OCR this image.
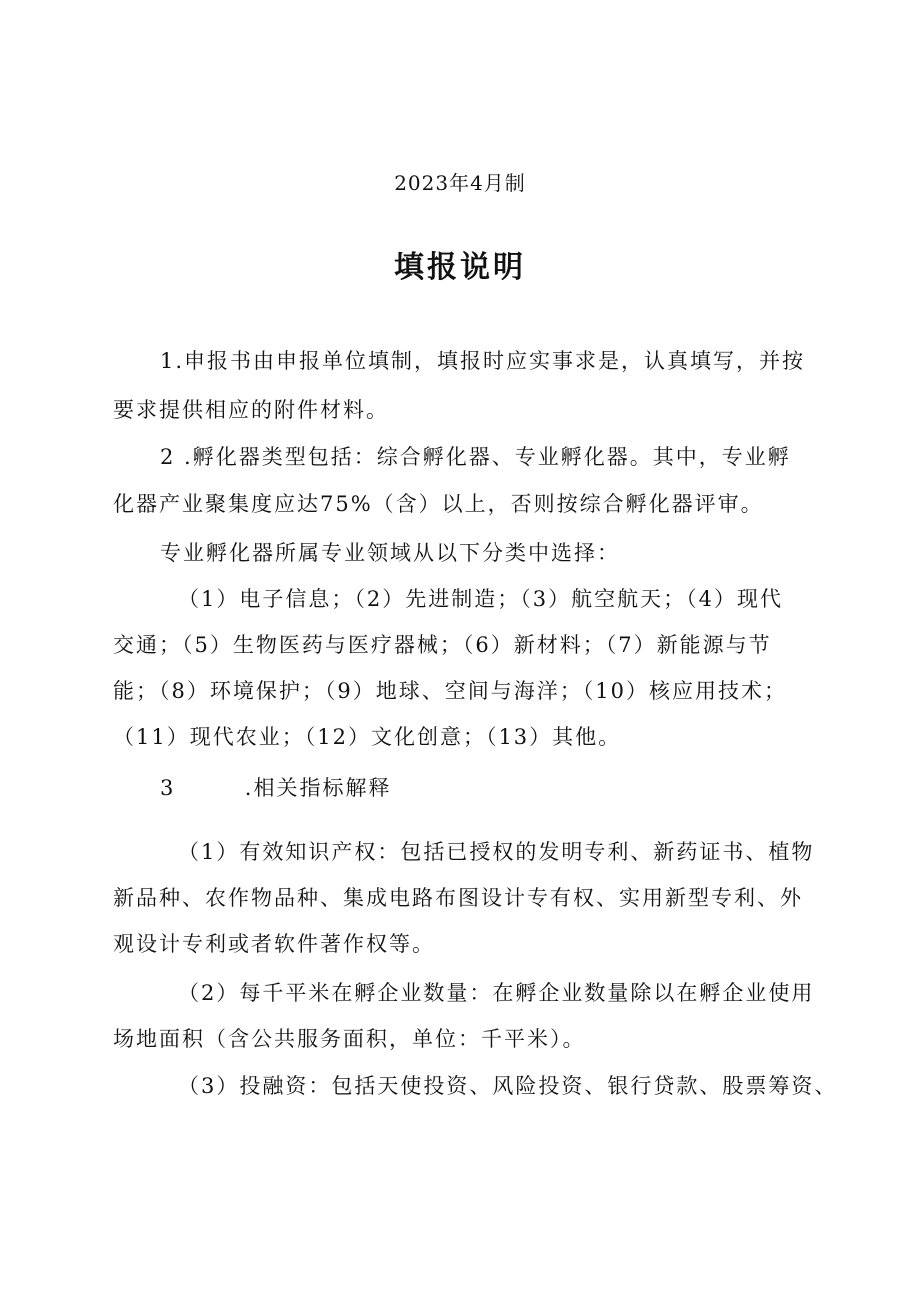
2023年4月制
填报说明
1.申报书由申报单位填制，填报时应实事求是，认真填写，并按
要求提供相应的附件材料。
2 .孵化器类型包括：综合孵化器、专业孵化器。其中，专业孵
化器产业聚集度应达75%（含）以上，否则按综合孵化器评审。
专业孵化器所属专业领域从以下分类中选择：
（1）电子信息；（2）先进制造；（3）航空航天；（4）现代
交通；（5）生物医药与医疗器械；（6）新材料；（7）新能源与节
能；（8）环境保护；（9）地球、空间与海洋；（10）核应用技术；
（11）现代农业；（12）文化创意；（13）其他。
3        .相关指标解释
（1）有效知识产权：包括已授权的发明专利、新药证书、植物
新品种、农作物品种、集成电路布图设计专有权、实用新型专利、外
观设计专利或者软件著作权等。
（2）每千平米在孵企业数量：在孵企业数量除以在孵企业使用
场地面积（含公共服务面积，单位：千平米）。
（3）投融资：包括天使投资、风险投资、银行贷款、股票筹资、
